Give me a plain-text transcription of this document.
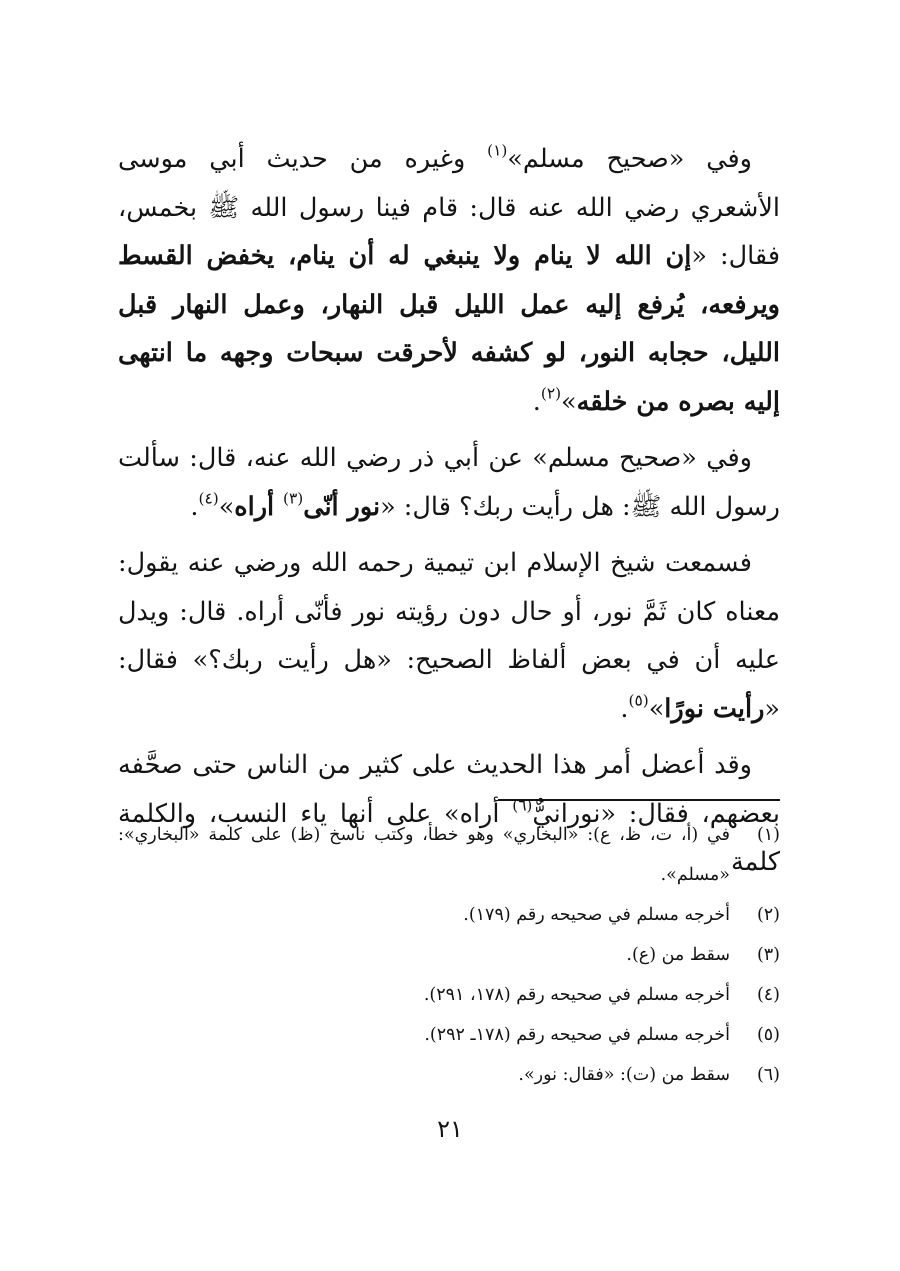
وفي «صحيح مسلم»$^{(١)}$ وغيره من حديث أبي موسى الأشعري رضي الله عنه قال: قام فينا رسول الله ﷺ بخمس، فقال: «إن الله لا ينام ولا ينبغي له أن ينام، يخفض القسط ويرفعه، يُرفع إليه عمل الليل قبل النهار، وعمل النهار قبل الليل، حجابه النور، لو كشفه لأحرقت سبحات وجهه ما انتهى إليه بصره من خلقه»$^{(٢)}$.

وفي «صحيح مسلم» عن أبي ذر رضي الله عنه، قال: سألت رسول الله ﷺ: هل رأيت ربك؟ قال: «نور أنّى$^{(٣)}$ أراه»$^{(٤)}$.

فسمعت شيخ الإسلام ابن تيمية رحمه الله ورضي عنه يقول: معناه كان ثَمَّ نور، أو حال دون رؤيته نور فأنّى أراه. قال: ويدل عليه أن في بعض ألفاظ الصحيح: «هل رأيت ربك؟» فقال: «رأيت نورًا»$^{(٥)}$.

وقد أعضل أمر هذا الحديث على كثير من الناس حتى صحَّفه بعضهم، فقال: «نورانيٌّ$^{(٦)}$ أراه» على أنها ياء النسب، والكلمة كلمة

(١)
في (أ، ت، ظ، ع): «البخاري» وهو خطأ، وكتب ناسخ (ظ) على كلمة «البخاري»: «مسلم».
(٢)
أخرجه مسلم في صحيحه رقم (١٧٩).
(٣)
سقط من (ع).
(٤)
أخرجه مسلم في صحيحه رقم (١٧٨، ٢٩١).
(٥)
أخرجه مسلم في صحيحه رقم (١٧٨ـ ٢٩٢).
(٦)
سقط من (ت): «فقال: نور».
٢١
